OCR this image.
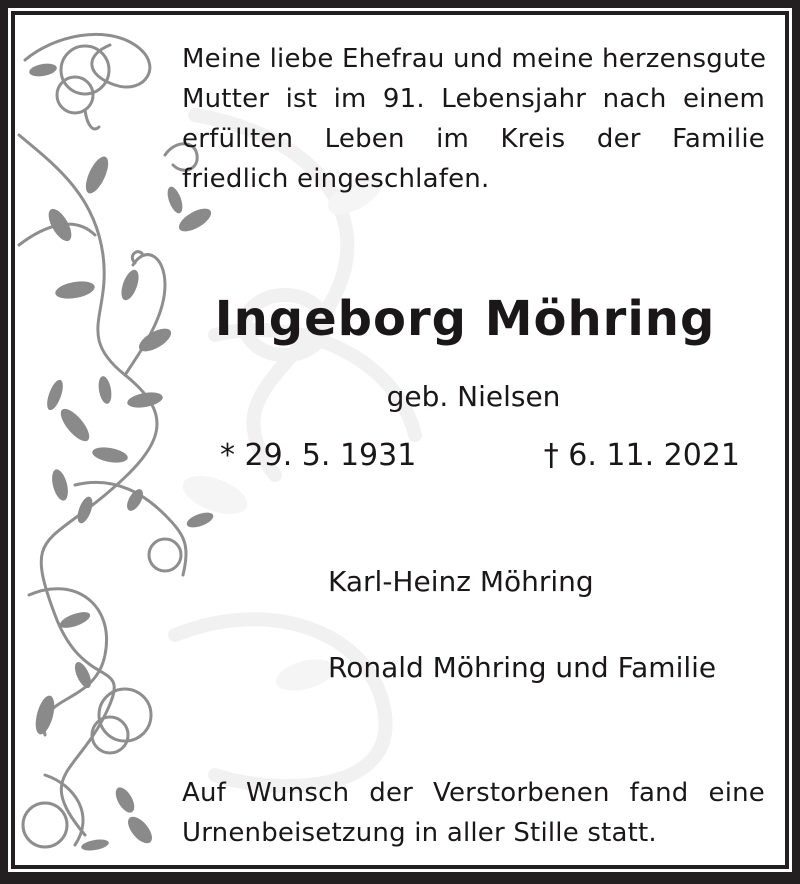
Meine liebe Ehefrau und meine herzensgute
Mutter ist im 91. Lebensjahr nach einem
erfüllten Leben im Kreis der Familie
friedlich eingeschlafen.
Ingeborg Möhring
geb. Nielsen
* 29. 5. 1931	† 6. 11. 2021
Karl-Heinz Möhring
Ronald Möhring und Familie
Auf Wunsch der Verstorbenen fand eine
Urnenbeisetzung in aller Stille statt.
